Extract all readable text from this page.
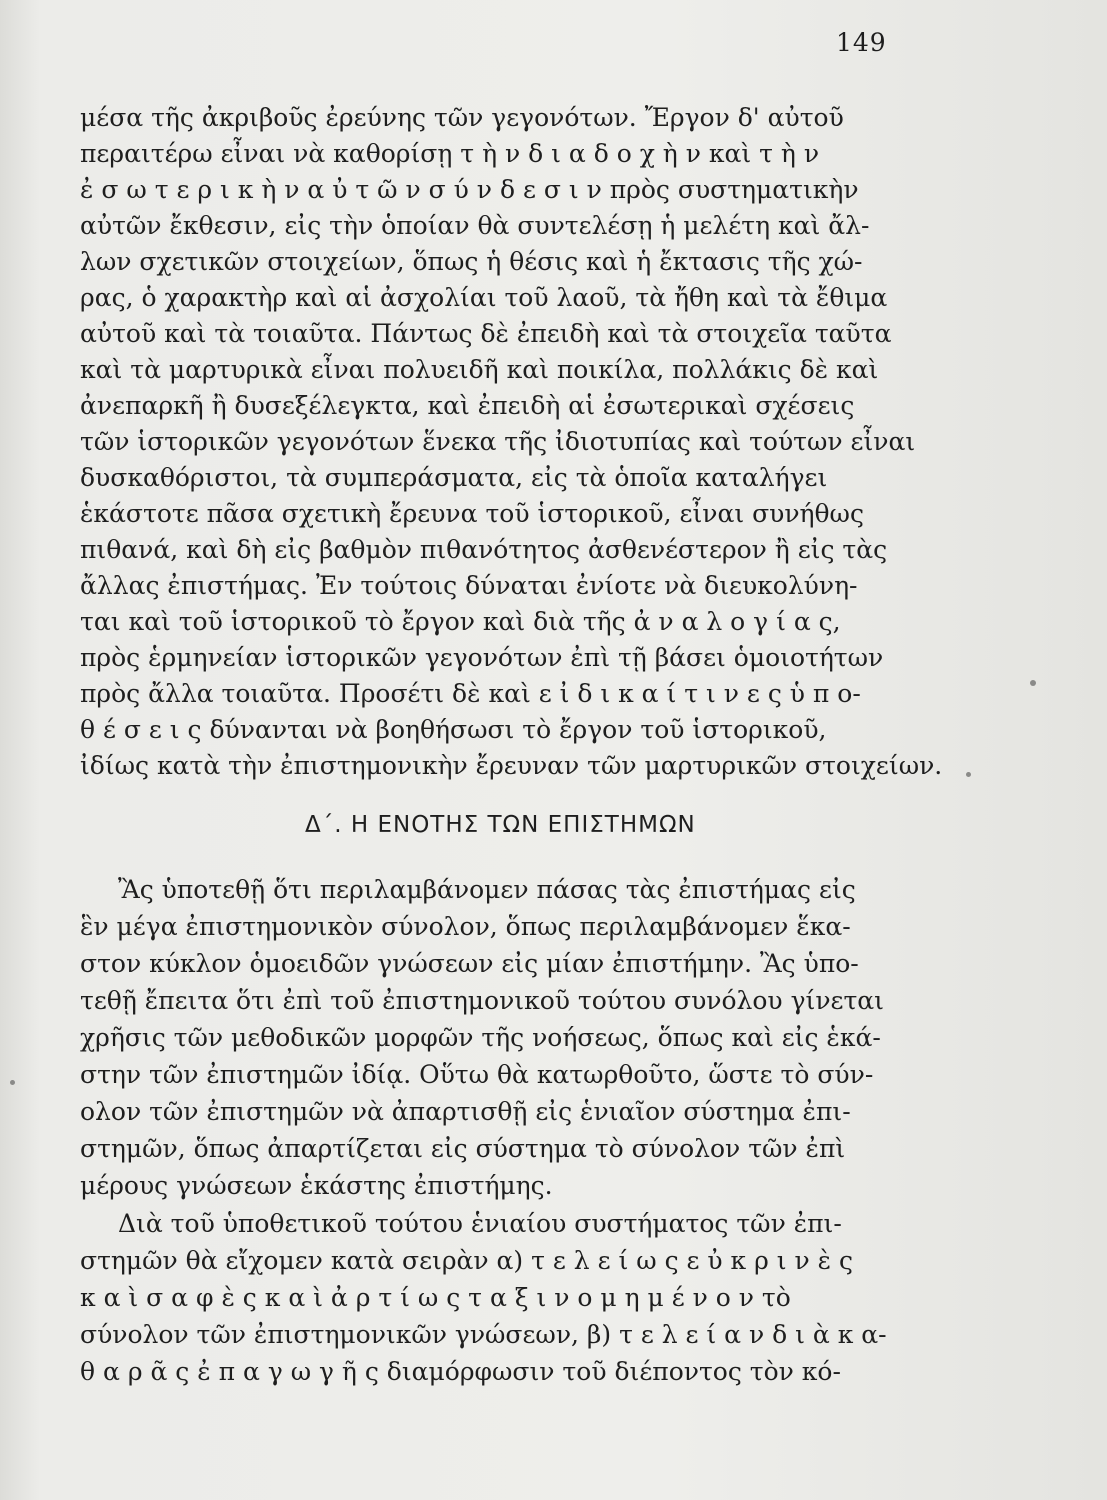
149
μέσα τῆς ἀκριβοῦς ἐρεύνης τῶν γεγονότων. Ἔργον δ' αὐτοῦ
περαιτέρω εἶναι νὰ καθορίσῃ τ ὴ ν δ ι α δ ο χ ὴ ν καὶ τ ὴ ν
ἐ σ ω τ ε ρ ι κ ὴ ν α ὐ τ ῶ ν σ ύ ν δ ε σ ι ν πρὸς συστηματικὴν
αὐτῶν ἔκθεσιν, εἰς τὴν ὁποίαν θὰ συντελέσῃ ἡ μελέτη καὶ ἄλ-
λων σχετικῶν στοιχείων, ὅπως ἡ θέσις καὶ ἡ ἔκτασις τῆς χώ-
ρας, ὁ χαρακτὴρ καὶ αἱ ἀσχολίαι τοῦ λαοῦ, τὰ ἤθη καὶ τὰ ἔθιμα
αὐτοῦ καὶ τὰ τοιαῦτα. Πάντως δὲ ἐπειδὴ καὶ τὰ στοιχεῖα ταῦτα
καὶ τὰ μαρτυρικὰ εἶναι πολυειδῆ καὶ ποικίλα, πολλάκις δὲ καὶ
ἀνεπαρκῆ ἢ δυσεξέλεγκτα, καὶ ἐπειδὴ αἱ ἐσωτερικαὶ σχέσεις
τῶν ἱστορικῶν γεγονότων ἕνεκα τῆς ἰδιοτυπίας καὶ τούτων εἶναι
δυσκαθόριστοι, τὰ συμπεράσματα, εἰς τὰ ὁποῖα καταλήγει
ἑκάστοτε πᾶσα σχετικὴ ἔρευνα τοῦ ἱστορικοῦ, εἶναι συνήθως
πιθανά, καὶ δὴ εἰς βαθμὸν πιθανότητος ἀσθενέστερον ἢ εἰς τὰς
ἄλλας ἐπιστήμας. Ἐν τούτοις δύναται ἐνίοτε νὰ διευκολύνη-
ται καὶ τοῦ ἱστορικοῦ τὸ ἔργον καὶ διὰ τῆς ἀ ν α λ ο γ ί α ς,
πρὸς ἑρμηνείαν ἱστορικῶν γεγονότων ἐπὶ τῇ βάσει ὁμοιοτήτων
πρὸς ἄλλα τοιαῦτα. Προσέτι δὲ καὶ ε ἰ δ ι κ α ί τ ι ν ε ς ὑ π ο-
θ έ σ ε ι ς δύνανται νὰ βοηθήσωσι τὸ ἔργον τοῦ ἱστορικοῦ,
ἰδίως κατὰ τὴν ἐπιστημονικὴν ἔρευναν τῶν μαρτυρικῶν στοιχείων.
Δ΄. Η ΕΝΟΤΗΣ ΤΩΝ ΕΠΙΣΤΗΜΩΝ
Ἂς ὑποτεθῇ ὅτι περιλαμβάνομεν πάσας τὰς ἐπιστήμας εἰς
ἓν μέγα ἐπιστημονικὸν σύνολον, ὅπως περιλαμβάνομεν ἕκα-
στον κύκλον ὁμοειδῶν γνώσεων εἰς μίαν ἐπιστήμην. Ἂς ὑπο-
τεθῇ ἔπειτα ὅτι ἐπὶ τοῦ ἐπιστημονικοῦ τούτου συνόλου γίνεται
χρῆσις τῶν μεθοδικῶν μορφῶν τῆς νοήσεως, ὅπως καὶ εἰς ἑκά-
στην τῶν ἐπιστημῶν ἰδίᾳ. Οὕτω θὰ κατωρθοῦτο, ὥστε τὸ σύν-
ολον τῶν ἐπιστημῶν νὰ ἀπαρτισθῇ εἰς ἑνιαῖον σύστημα ἐπι-
στημῶν, ὅπως ἀπαρτίζεται εἰς σύστημα τὸ σύνολον τῶν ἐπὶ
μέρους γνώσεων ἑκάστης ἐπιστήμης.
Διὰ τοῦ ὑποθετικοῦ τούτου ἑνιαίου συστήματος τῶν ἐπι-
στημῶν θὰ εἴχομεν κατὰ σειρὰν α) τ ε λ ε ί ω ς ε ὐ κ ρ ι ν ὲ ς
κ α ὶ σ α φ ὲ ς κ α ὶ ἀ ρ τ ί ω ς τ α ξ ι ν ο μ η μ έ ν ο ν τὸ
σύνολον τῶν ἐπιστημονικῶν γνώσεων, β) τ ε λ ε ί α ν δ ι ὰ κ α-
θ α ρ ᾶ ς ἐ π α γ ω γ ῆ ς διαμόρφωσιν τοῦ διέποντος τὸν κό-
